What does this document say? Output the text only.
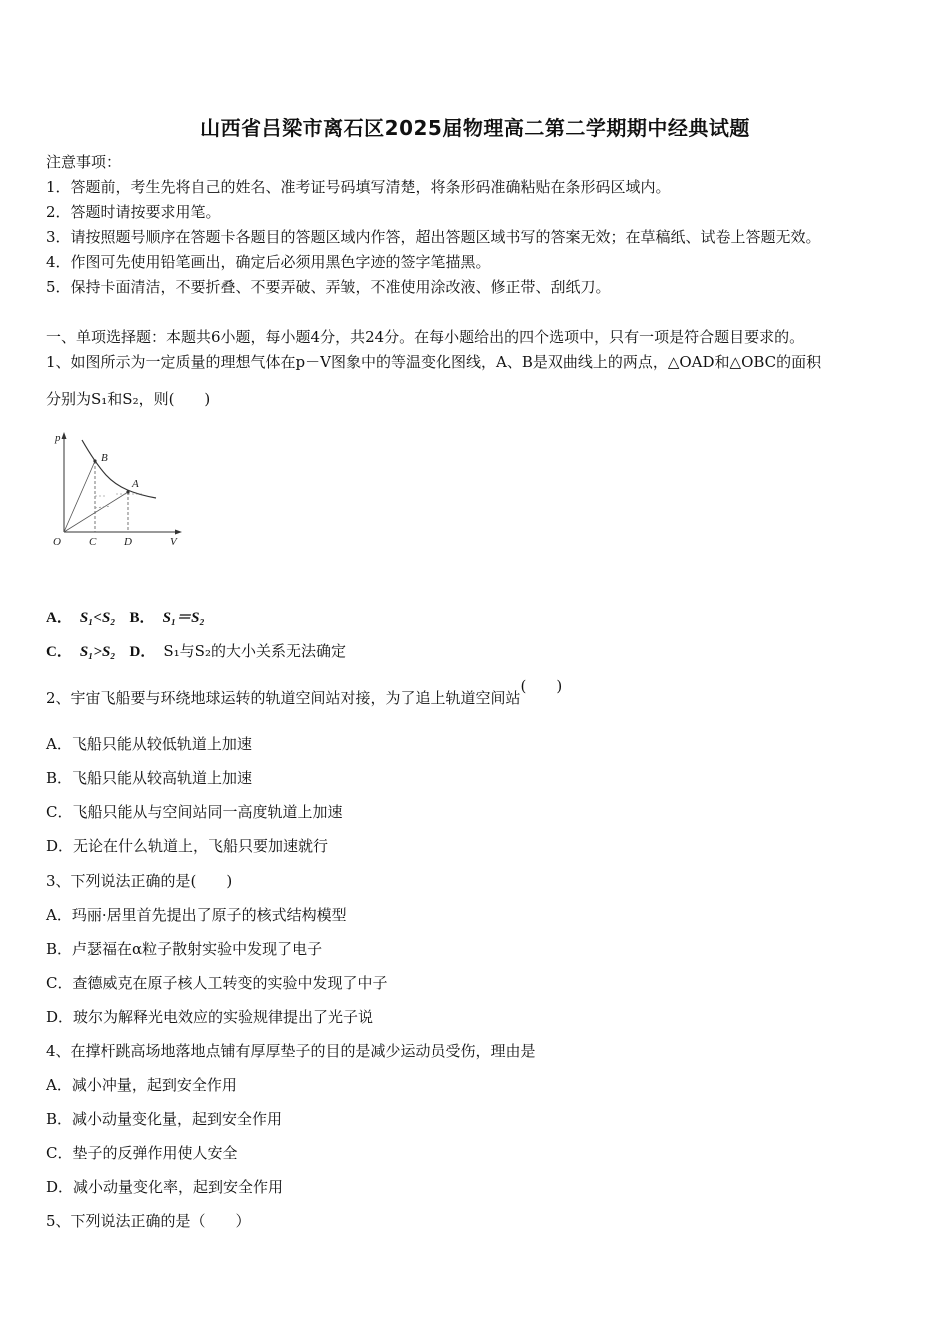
山西省吕梁市离石区2025届物理高二第二学期期中经典试题
注意事项：
1．答题前，考生先将自己的姓名、准考证号码填写清楚，将条形码准确粘贴在条形码区域内。
2．答题时请按要求用笔。
3．请按照题号顺序在答题卡各题目的答题区域内作答，超出答题区域书写的答案无效；在草稿纸、试卷上答题无效。
4．作图可先使用铅笔画出，确定后必须用黑色字迹的签字笔描黑。
5．保持卡面清洁，不要折叠、不要弄破、弄皱，不准使用涂改液、修正带、刮纸刀。
一、单项选择题：本题共6小题，每小题4分，共24分。在每小题给出的四个选项中，只有一项是符合题目要求的。
1、如图所示为一定质量的理想气体在p－V图象中的等温变化图线，A、B是双曲线上的两点，△OAD和△OBC的面积
分别为S₁和S₂，则(　　)
p
V
O	C	D
A
B
A． S₁<S₂ B． S₁＝S₂
C． S₁>S₂ D． S₁与S₂的大小关系无法确定
2、宇宙飞船要与环绕地球运转的轨道空间站对接，为了追上轨道空间站(　　)
A．飞船只能从较低轨道上加速
B．飞船只能从较高轨道上加速
C．飞船只能从与空间站同一高度轨道上加速
D．无论在什么轨道上，飞船只要加速就行
3、下列说法正确的是(　　)
A．玛丽·居里首先提出了原子的核式结构模型
B．卢瑟福在α粒子散射实验中发现了电子
C．查德威克在原子核人工转变的实验中发现了中子
D．玻尔为解释光电效应的实验规律提出了光子说
4、在撑杆跳高场地落地点铺有厚厚垫子的目的是减少运动员受伤，理由是
A．减小冲量，起到安全作用
B．减小动量变化量，起到安全作用
C．垫子的反弹作用使人安全
D．减小动量变化率，起到安全作用
5、下列说法正确的是（　　）
